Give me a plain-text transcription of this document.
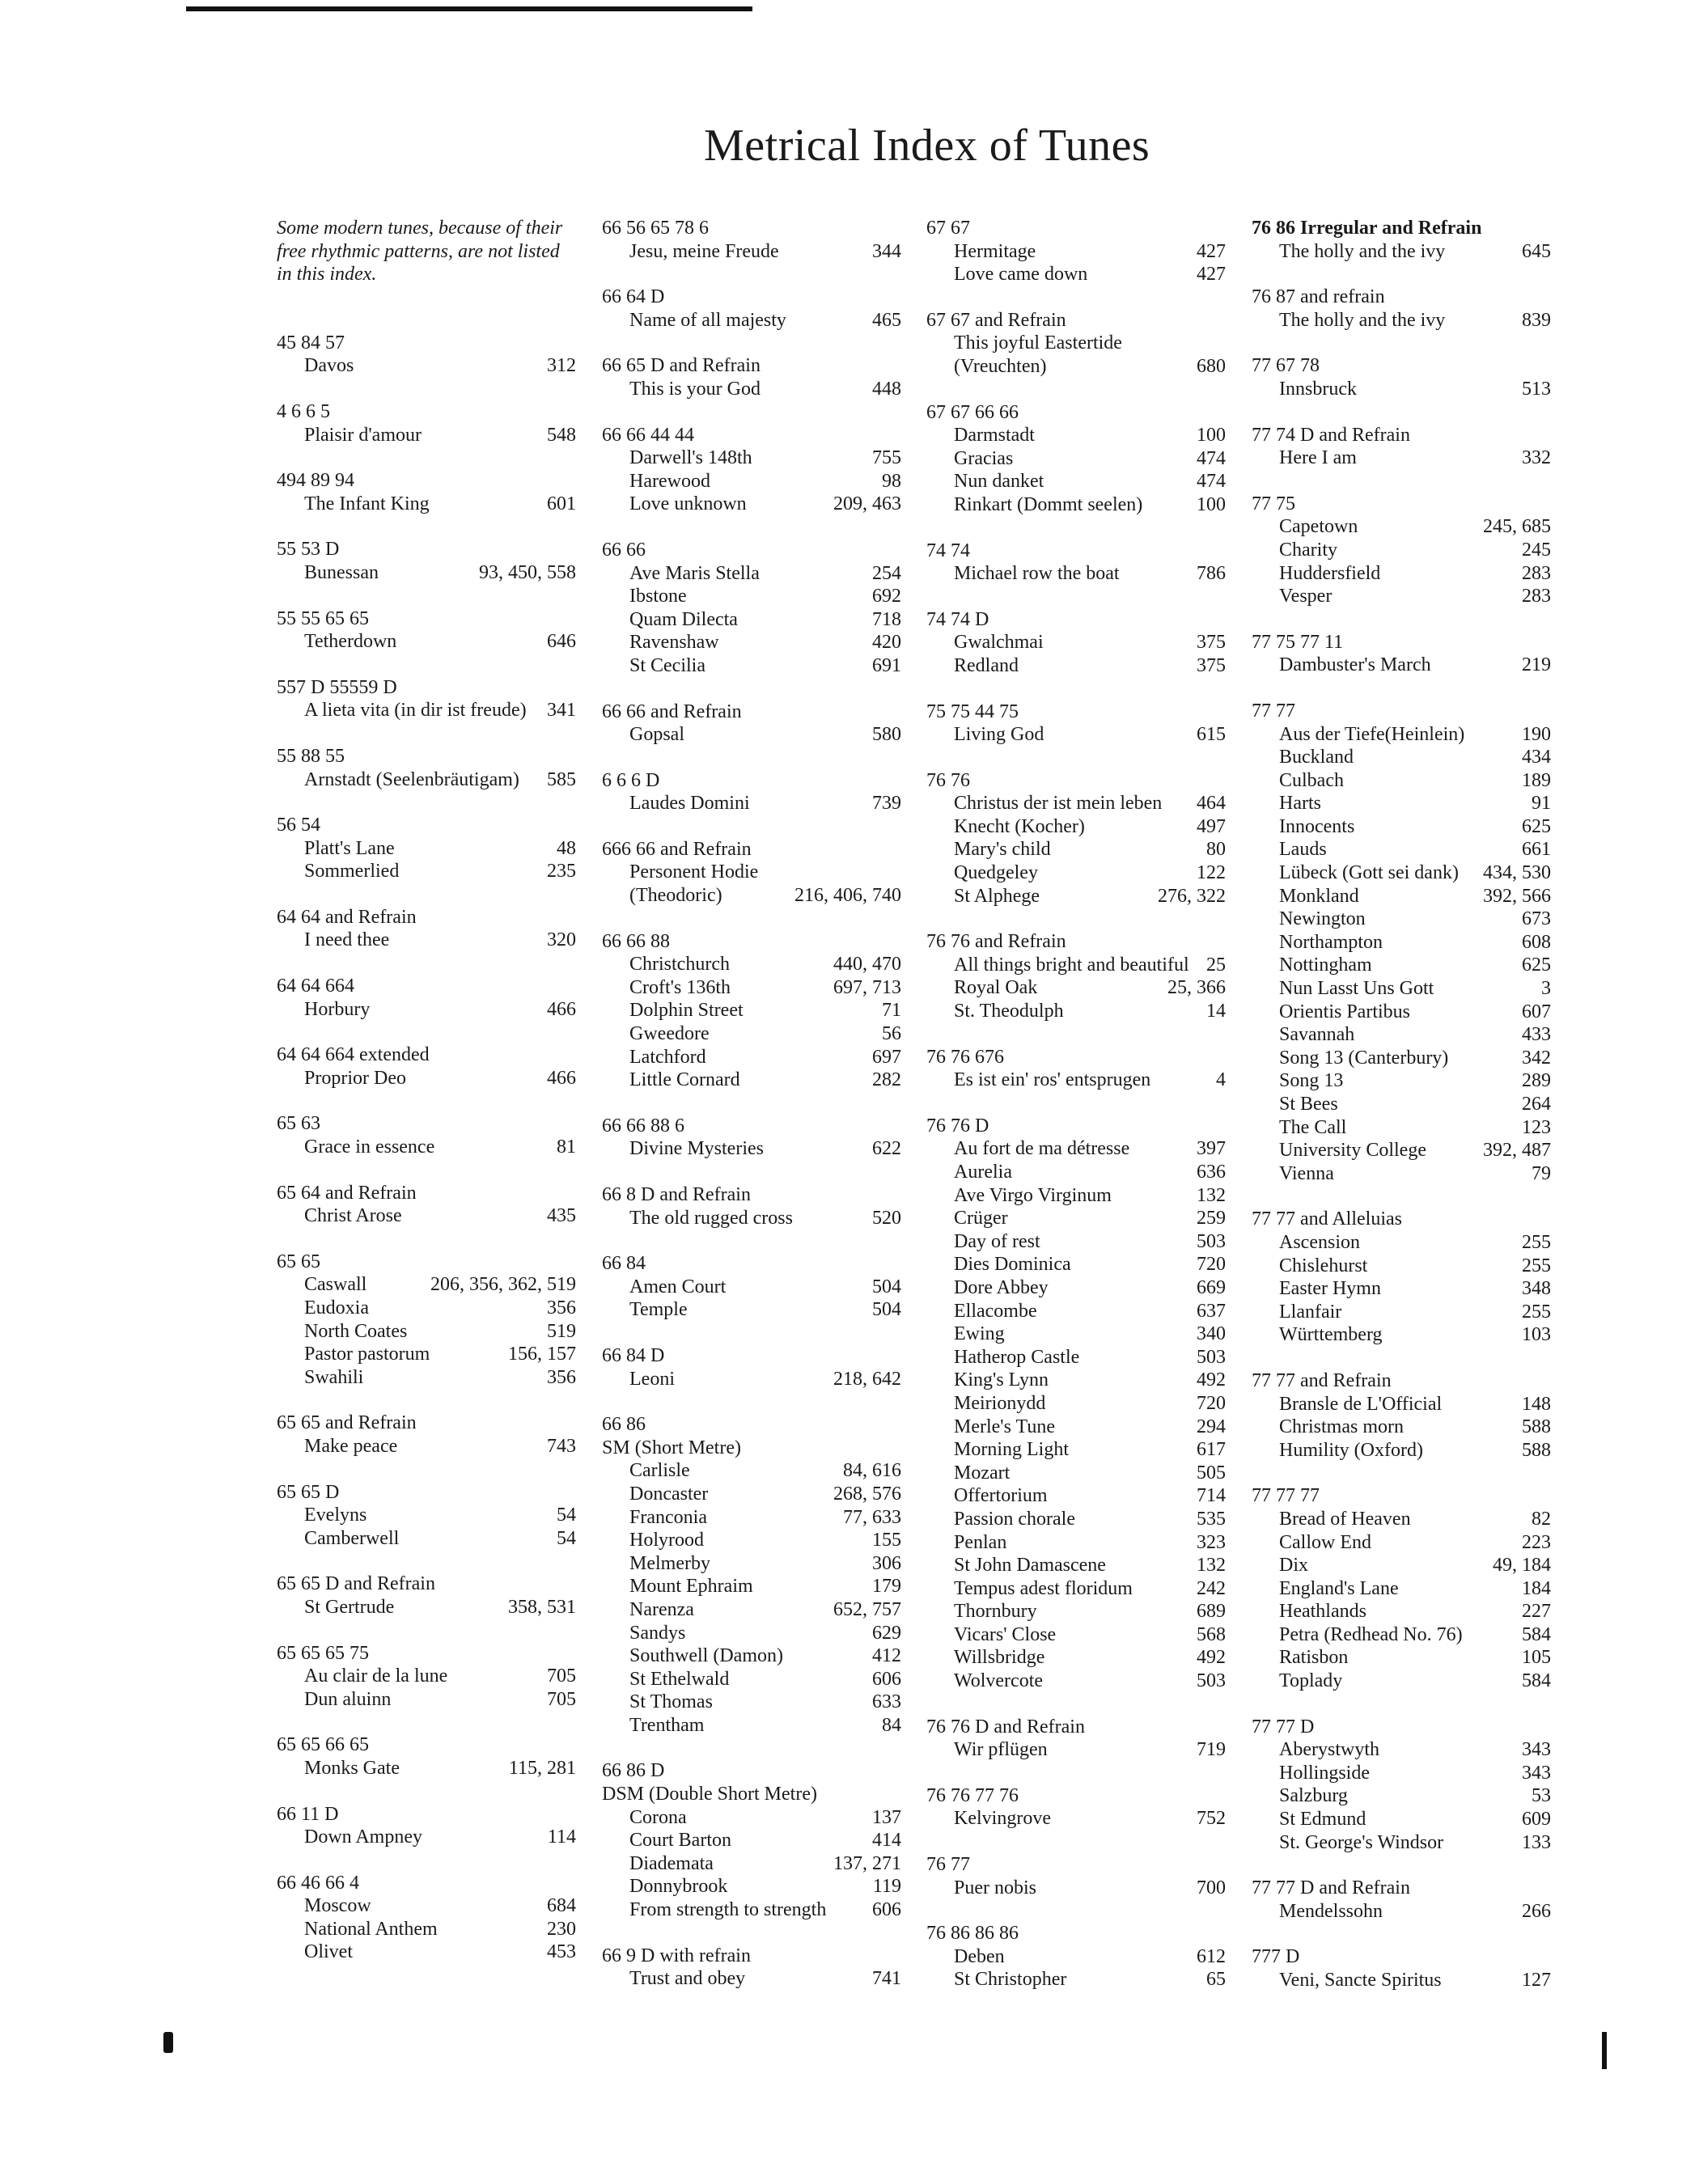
Metrical Index of Tunes
Some modern tunes, because of their free rhythmic patterns, are not listed in this index.
45 84 57
Davos	312
4 6 6 5
Plaisir d'amour	548
494 89 94
The Infant King	601
55 53 D
Bunessan	93, 450, 558
55 55 65 65
Tetherdown	646
557 D 55559 D
A lieta vita (in dir ist freude)	341
55 88 55
Arnstadt (Seelenbräutigam)	585
56 54
Platt's Lane	48
Sommerlied	235
64 64 and Refrain
I need thee	320
64 64 664
Horbury	466
64 64 664 extended
Proprior Deo	466
65 63
Grace in essence	81
65 64 and Refrain
Christ Arose	435
65 65
Caswall	206, 356, 362, 519
Eudoxia	356
North Coates	519
Pastor pastorum	156, 157
Swahili	356
65 65 and Refrain
Make peace	743
65 65 D
Evelyns	54
Camberwell	54
65 65 D and Refrain
St Gertrude	358, 531
65 65 65 75
Au clair de la lune	705
Dun aluinn	705
65 65 66 65
Monks Gate	115, 281
66 11 D
Down Ampney	114
66 46 66 4
Moscow	684
National Anthem	230
Olivet	453
66 56 65 78 6
Jesu, meine Freude	344
66 64 D
Name of all majesty	465
66 65 D and Refrain
This is your God	448
66 66 44 44
Darwell's 148th	755
Harewood	98
Love unknown	209, 463
66 66
Ave Maris Stella	254
Ibstone	692
Quam Dilecta	718
Ravenshaw	420
St Cecilia	691
66 66 and Refrain
Gopsal	580
6 6 6 D
Laudes Domini	739
666 66 and Refrain
Personent Hodie
(Theodoric)	216, 406, 740
66 66 88
Christchurch	440, 470
Croft's 136th	697, 713
Dolphin Street	71
Gweedore	56
Latchford	697
Little Cornard	282
66 66 88 6
Divine Mysteries	622
66 8 D and Refrain
The old rugged cross	520
66 84
Amen Court	504
Temple	504
66 84 D
Leoni	218, 642
66 86
SM (Short Metre)
Carlisle	84, 616
Doncaster	268, 576
Franconia	77, 633
Holyrood	155
Melmerby	306
Mount Ephraim	179
Narenza	652, 757
Sandys	629
Southwell (Damon)	412
St Ethelwald	606
St Thomas	633
Trentham	84
66 86 D
DSM (Double Short Metre)
Corona	137
Court Barton	414
Diademata	137, 271
Donnybrook	119
From strength to strength	606
66 9 D with refrain
Trust and obey	741
67 67
Hermitage	427
Love came down	427
67 67 and Refrain
This joyful Eastertide
(Vreuchten)	680
67 67 66 66
Darmstadt	100
Gracias	474
Nun danket	474
Rinkart (Dommt seelen)	100
74 74
Michael row the boat	786
74 74 D
Gwalchmai	375
Redland	375
75 75 44 75
Living God	615
76 76
Christus der ist mein leben	464
Knecht (Kocher)	497
Mary's child	80
Quedgeley	122
St Alphege	276, 322
76 76 and Refrain
All things bright and beautiful 25
Royal Oak	25, 366
St. Theodulph	14
76 76 676
Es ist ein' ros' entsprugen	4
76 76 D
Au fort de ma détresse	397
Aurelia	636
Ave Virgo Virginum	132
Crüger	259
Day of rest	503
Dies Dominica	720
Dore Abbey	669
Ellacombe	637
Ewing	340
Hatherop Castle	503
King's Lynn	492
Meirionydd	720
Merle's Tune	294
Morning Light	617
Mozart	505
Offertorium	714
Passion chorale	535
Penlan	323
St John Damascene	132
Tempus adest floridum	242
Thornbury	689
Vicars' Close	568
Willsbridge	492
Wolvercote	503
76 76 D and Refrain
Wir pflügen	719
76 76 77 76
Kelvingrove	752
76 77
Puer nobis	700
76 86 86 86
Deben	612
St Christopher	65
76 86 Irregular and Refrain
The holly and the ivy	645
76 87 and refrain
The holly and the ivy	839
77 67 78
Innsbruck	513
77 74 D and Refrain
Here I am	332
77 75
Capetown	245, 685
Charity	245
Huddersfield	283
Vesper	283
77 75 77 11
Dambuster's March	219
77 77
Aus der Tiefe(Heinlein)	190
Buckland	434
Culbach	189
Harts	91
Innocents	625
Lauds	661
Lübeck (Gott sei dank)	434, 530
Monkland	392, 566
Newington	673
Northampton	608
Nottingham	625
Nun Lasst Uns Gott	3
Orientis Partibus	607
Savannah	433
Song 13 (Canterbury)	342
Song 13	289
St Bees	264
The Call	123
University College	392, 487
Vienna	79
77 77 and Alleluias
Ascension	255
Chislehurst	255
Easter Hymn	348
Llanfair	255
Württemberg	103
77 77 and Refrain
Bransle de L'Official	148
Christmas morn	588
Humility (Oxford)	588
77 77 77
Bread of Heaven	82
Callow End	223
Dix	49, 184
England's Lane	184
Heathlands	227
Petra (Redhead No. 76)	584
Ratisbon	105
Toplady	584
77 77 D
Aberystwyth	343
Hollingside	343
Salzburg	53
St Edmund	609
St. George's Windsor	133
77 77 D and Refrain
Mendelssohn	266
777 D
Veni, Sancte Spiritus	127
